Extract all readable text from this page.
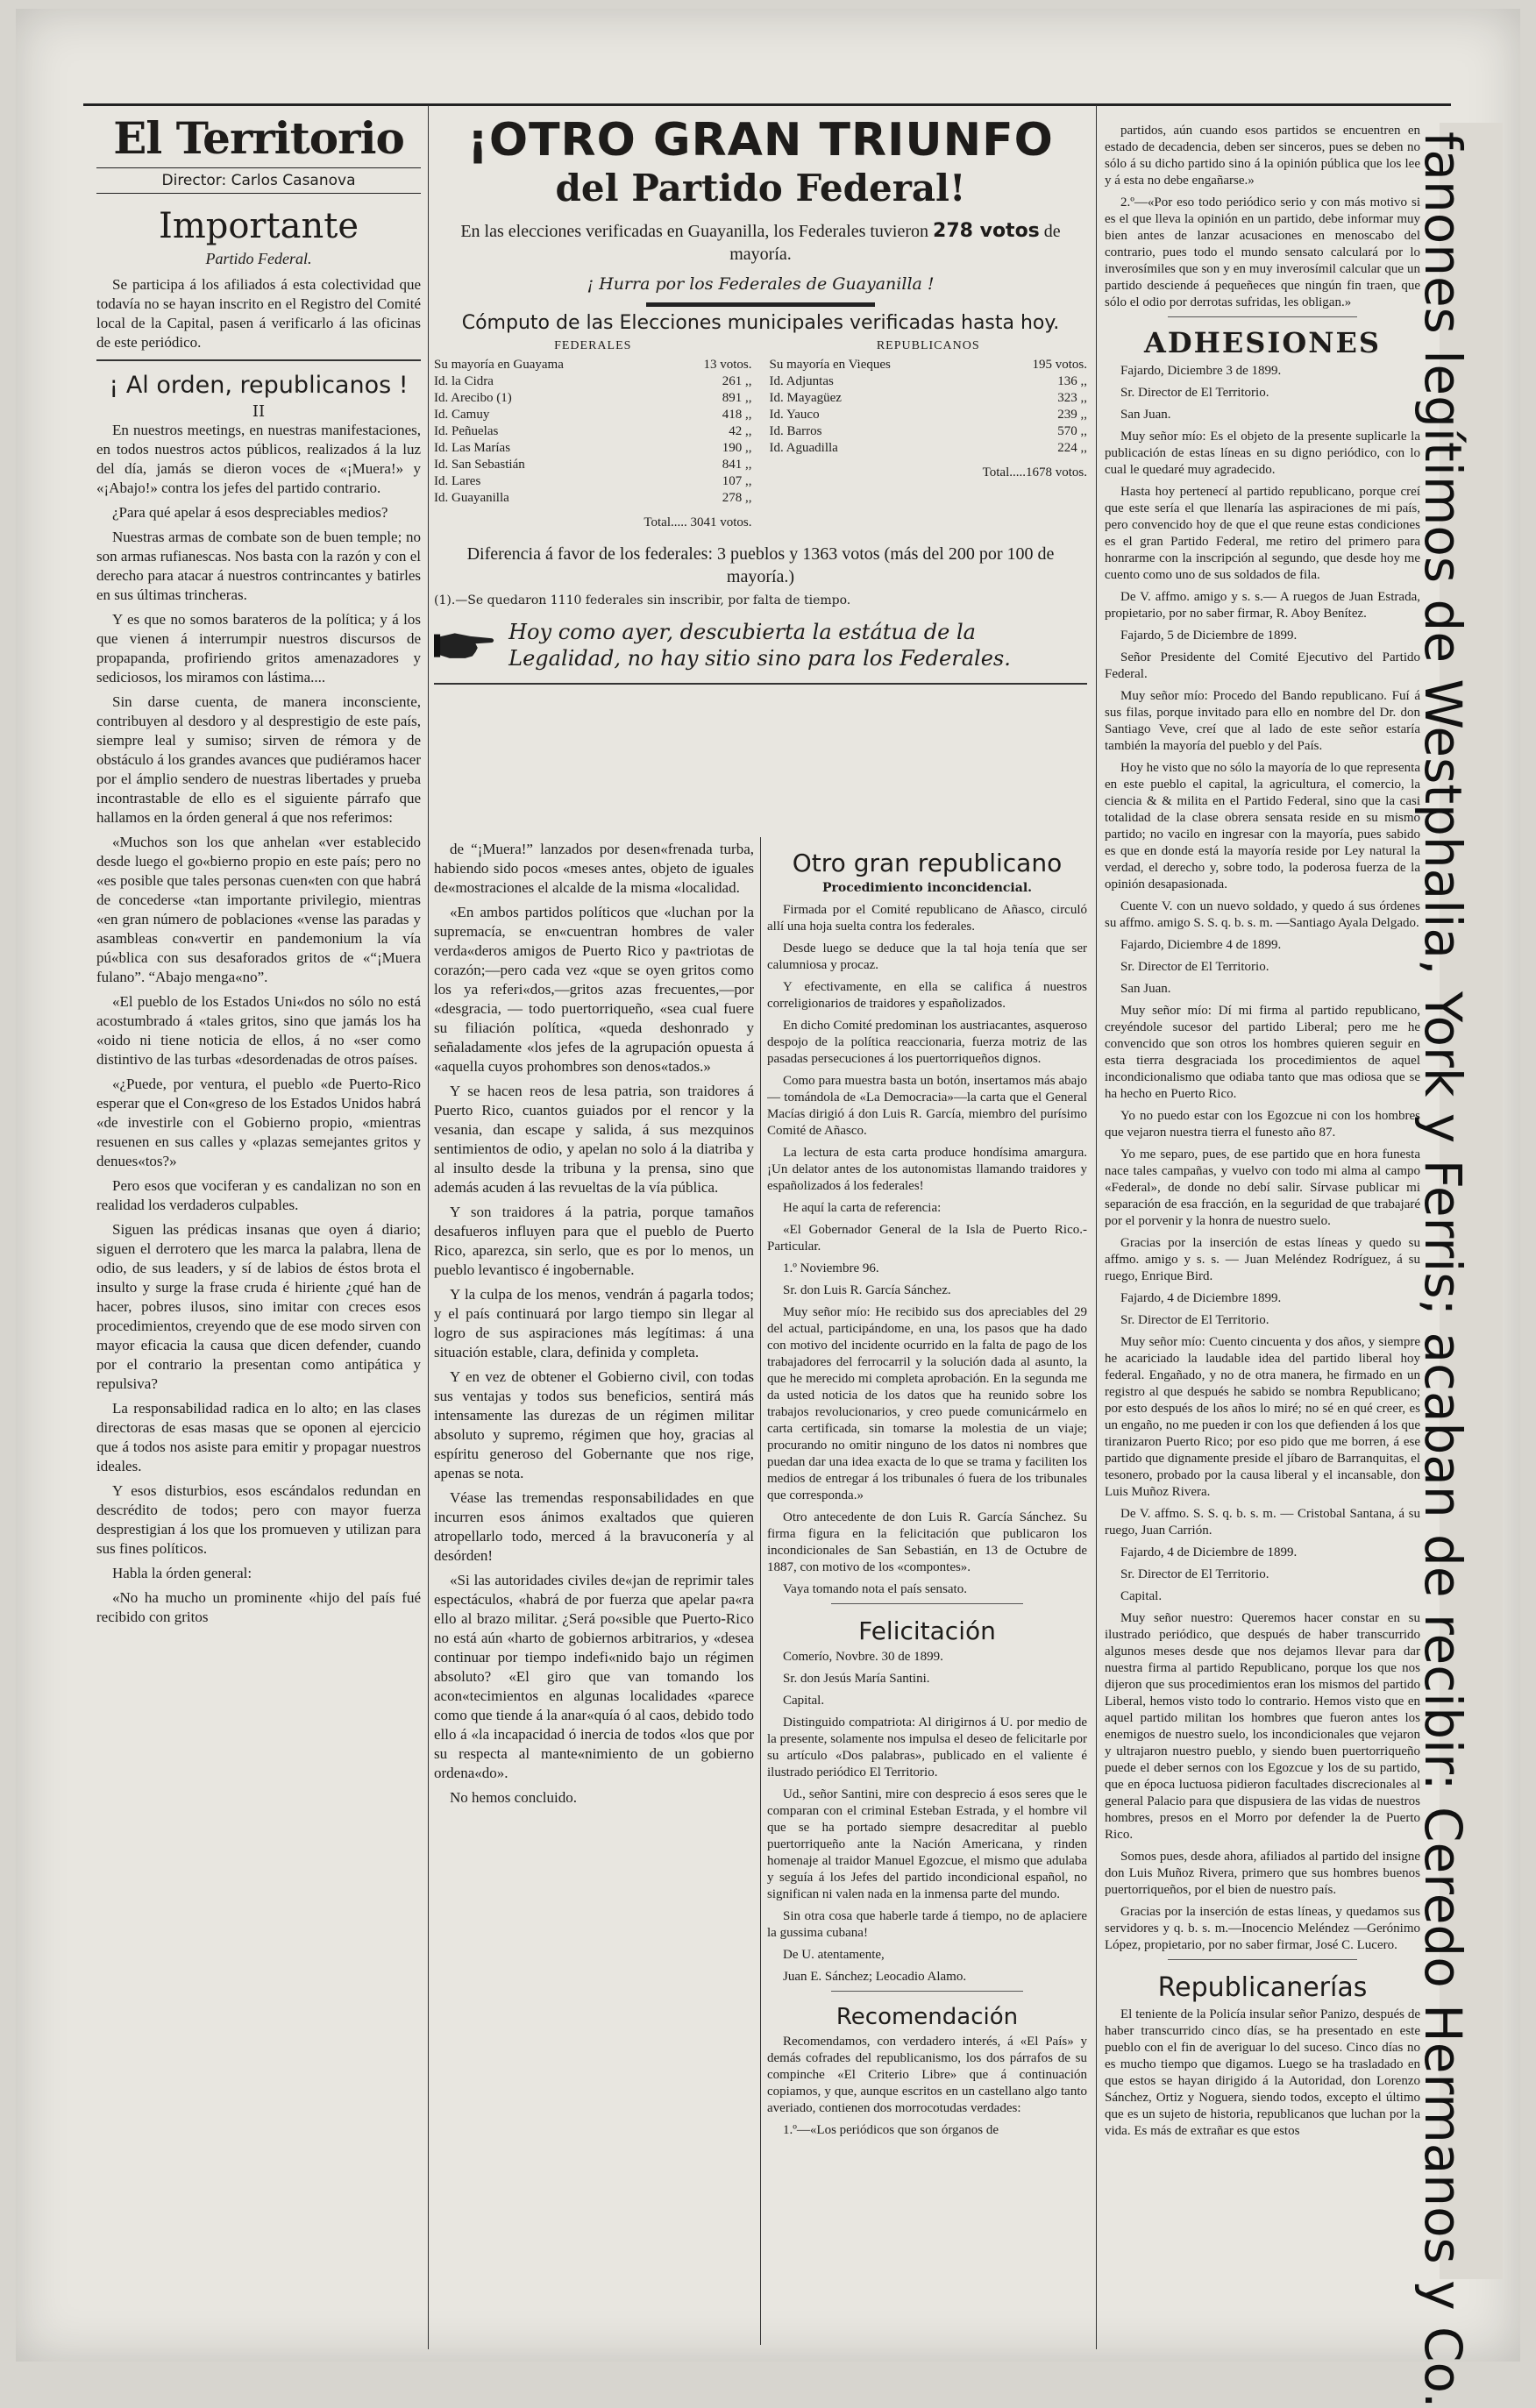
El Territorio
Director: Carlos Casanova
Importante
Partido Federal.

Se participa á los afiliados á esta colectividad que todavía no se hayan inscrito en el Registro del Comité local de la Capital, pasen á verificarlo á las oficinas de este periódico.

¡ Al orden, republicanos !
II

En nuestros meetings, en nuestras manifestaciones, en todos nuestros actos públicos, realizados á la luz del día, jamás se dieron voces de «¡Muera!» y «¡Abajo!» contra los jefes del partido contrario.

¿Para qué apelar á esos despreciables medios?

Nuestras armas de combate son de buen temple; no son armas rufianescas. Nos basta con la razón y con el derecho para atacar á nuestros contrincantes y batirles en sus últimas trincheras.

Y es que no somos barateros de la política; y á los que vienen á interrumpir nuestros discursos de propapanda, profiriendo gritos amenazadores y sediciosos, los miramos con lástima....

Sin darse cuenta, de manera inconsciente, contribuyen al desdoro y al desprestigio de este país, siempre leal y sumiso; sirven de rémora y de obstáculo á los grandes avances que pudiéramos hacer por el ámplio sendero de nuestras libertades y prueba incontrastable de ello es el siguiente párrafo que hallamos en la órden general á que nos referimos:

«Muchos son los que anhelan «ver establecido desde luego el go«bierno propio en este país; pero no «es posible que tales personas cuen«ten con que habrá de concederse «tan importante privilegio, mientras «en gran número de poblaciones «vense las paradas y asambleas con«vertir en pandemonium la vía pú«blica con sus desaforados gritos de «“¡Muera fulano”. “Abajo menga«no”.

«El pueblo de los Estados Uni«dos no sólo no está acostumbrado á «tales gritos, sino que jamás los ha «oido ni tiene noticia de ellos, á no «ser como distintivo de las turbas «desordenadas de otros países.

«¿Puede, por ventura, el pueblo «de Puerto-Rico esperar que el Con«greso de los Estados Unidos habrá «de investirle con el Gobierno propio, «mientras resuenen en sus calles y «plazas semejantes gritos y denues«tos?»

Pero esos que vociferan y es candalizan no son en realidad los verdaderos culpables.

Siguen las prédicas insanas que oyen á diario; siguen el derrotero que les marca la palabra, llena de odio, de sus leaders, y sí de labios de éstos brota el insulto y surge la frase cruda é hiriente ¿qué han de hacer, pobres ilusos, sino imitar con creces esos procedimientos, creyendo que de ese modo sirven con mayor eficacia la causa que dicen defender, cuando por el contrario la presentan como antipática y repulsiva?

La responsabilidad radica en lo alto; en las clases directoras de esas masas que se oponen al ejercicio que á todos nos asiste para emitir y propagar nuestros ideales.

Y esos disturbios, esos escándalos redundan en descrédito de todos; pero con mayor fuerza desprestigian á los que los promueven y utilizan para sus fines políticos.

Habla la órden general:

«No ha mucho un prominente «hijo del país fué recibido con gritos

¡OTRO GRAN TRIUNFO
del Partido Federal!
En las elecciones verificadas en Guayanilla, los Federales tuvieron 278 votos de mayoría.
¡ Hurra por los Federales de Guayanilla !
Cómputo de las Elecciones municipales verificadas hasta hoy.
FEDERALES
Su mayoría en Guayama	13 votos.
Id. la Cidra	261 ,,
Id. Arecibo (1)	891 ,,
Id. Camuy	418 ,,
Id. Peñuelas	42 ,,
Id. Las Marías	190 ,,
Id. San Sebastián	841 ,,
Id. Lares	107 ,,
Id. Guayanilla	278 ,,
Total..... 3041 votos.
REPUBLICANOS
Su mayoría en Vieques	195 votos.
Id. Adjuntas	136 ,,
Id. Mayagüez	323 ,,
Id. Yauco	239 ,,
Id. Barros	570 ,,
Id. Aguadilla	224 ,,
Total.....1678 votos.
Diferencia á favor de los federales: 3 pueblos y 1363 votos (más del 200 por 100 de mayoría.)
(1).—Se quedaron 1110 federales sin inscribir, por falta de tiempo.
Hoy como ayer, descubierta la estátua de la Legalidad, no hay sitio sino para los Federales.

de “¡Muera!” lanzados por desen«frenada turba, habiendo sido pocos «meses antes, objeto de iguales de«mostraciones el alcalde de la misma «localidad.

«En ambos partidos políticos que «luchan por la supremacía, se en«cuentran hombres de valer verda«deros amigos de Puerto Rico y pa«triotas de corazón;—pero cada vez «que se oyen gritos como los ya referi«dos,—gritos azas frecuentes,—por «desgracia, — todo puertorriqueño, «sea cual fuere su filiación política, «queda deshonrado y señaladamente «los jefes de la agrupación opuesta á «aquella cuyos prohombres son denos«tados.»

Y se hacen reos de lesa patria, son traidores á Puerto Rico, cuantos guiados por el rencor y la vesania, dan escape y salida, á sus mezquinos sentimientos de odio, y apelan no solo á la diatriba y al insulto desde la tribuna y la prensa, sino que además acuden á las revueltas de la vía pública.

Y son traidores á la patria, porque tamaños desafueros influyen para que el pueblo de Puerto Rico, aparezca, sin serlo, que es por lo menos, un pueblo levantisco é ingobernable.

Y la culpa de los menos, vendrán á pagarla todos; y el país continuará por largo tiempo sin llegar al logro de sus aspiraciones más legítimas: á una situación estable, clara, definida y completa.

Y en vez de obtener el Gobierno civil, con todas sus ventajas y todos sus beneficios, sentirá más intensamente las durezas de un régimen militar absoluto y supremo, régimen que hoy, gracias al espíritu generoso del Gobernante que nos rige, apenas se nota.

Véase las tremendas responsabilidades en que incurren esos ánimos exaltados que quieren atropellarlo todo, merced á la bravuconería y al desórden!

«Si las autoridades civiles de«jan de reprimir tales espectáculos, «habrá de por fuerza que apelar pa«ra ello al brazo militar. ¿Será po«sible que Puerto-Rico no está aún «harto de gobiernos arbitrarios, y «desea continuar por tiempo indefi«nido bajo un régimen absoluto? «El giro que van tomando los acon«tecimientos en algunas localidades «parece como que tiende á la anar«quía ó al caos, debido todo ello á «la incapacidad ó inercia de todos «los que por su respecta al mante«nimiento de un gobierno ordena«do».

No hemos concluido.

Otro gran republicano
Procedimiento inconcidencial.

Firmada por el Comité republicano de Añasco, circuló allí una hoja suelta contra los federales.

Desde luego se deduce que la tal hoja tenía que ser calumniosa y procaz.

Y efectivamente, en ella se califica á nuestros correligionarios de traidores y españolizados.

En dicho Comité predominan los austriacantes, asqueroso despojo de la política reaccionaria, fuerza motriz de las pasadas persecuciones á los puertorriqueños dignos.

Como para muestra basta un botón, insertamos más abajo — tomándola de «La Democracia»—la carta que el General Macías dirigió á don Luis R. García, miembro del purísimo Comité de Añasco.

La lectura de esta carta produce hondísima amargura. ¡Un delator antes de los autonomistas llamando traidores y españolizados á los federales!

He aquí la carta de referencia:

«El Gobernador General de la Isla de Puerto Rico.- Particular.

1.º Noviembre 96.

Sr. don Luis R. García Sánchez.

Muy señor mío: He recibido sus dos apreciables del 29 del actual, participándome, en una, los pasos que ha dado con motivo del incidente ocurrido en la falta de pago de los trabajadores del ferrocarril y la solución dada al asunto, la que he merecido mi completa aprobación. En la segunda me da usted noticia de los datos que ha reunido sobre los trabajos revolucionarios, y creo puede comunicármelo en carta certificada, sin tomarse la molestia de un viaje; procurando no omitir ninguno de los datos ni nombres que puedan dar una idea exacta de lo que se trama y faciliten los medios de entregar á los tribunales ó fuera de los tribunales que corresponda.»

Otro antecedente de don Luis R. García Sánchez. Su firma figura en la felicitación que publicaron los incondicionales de San Sebastián, en 13 de Octubre de 1887, con motivo de los «compontes».

Vaya tomando nota el país sensato.

Felicitación

Comerío, Novbre. 30 de 1899.

Sr. don Jesús María Santini.

Capital.

Distinguido compatriota: Al dirigirnos á U. por medio de la presente, solamente nos impulsa el deseo de felicitarle por su artículo «Dos palabras», publicado en el valiente é ilustrado periódico El Territorio.

Ud., señor Santini, mire con desprecio á esos seres que le comparan con el criminal Esteban Estrada, y el hombre vil que se ha portado siempre desacreditar al pueblo puertorriqueño ante la Nación Americana, y rinden homenaje al traidor Manuel Egozcue, el mismo que adulaba y seguía á los Jefes del partido incondicional español, no significan ni valen nada en la inmensa parte del mundo.

Sin otra cosa que haberle tarde á tiempo, no de aplaciere la gussima cubana!

De U. atentamente,

Juan E. Sánchez; Leocadio Alamo.

Recomendación

Recomendamos, con verdadero interés, á «El País» y demás cofrades del republicanismo, los dos párrafos de su compinche «El Criterio Libre» que á continuación copiamos, y que, aunque escritos en un castellano algo tanto averiado, contienen dos morrocotudas verdades:

1.º—«Los periódicos que son órganos de

partidos, aún cuando esos partidos se encuentren en estado de decadencia, deben ser sinceros, pues se deben no sólo á su dicho partido sino á la opinión pública que los lee y á esta no debe engañarse.»

2.º—«Por eso todo periódico serio y con más motivo si es el que lleva la opinión en un partido, debe informar muy bien antes de lanzar acusaciones en menoscabo del contrario, pues todo el mundo sensato calculará por lo inverosímiles que son y en muy inverosímil calcular que un partido desciende á pequeñeces que ningún fin traen, que sólo el odio por derrotas sufridas, les obligan.»

ADHESIONES

Fajardo, Diciembre 3 de 1899.

Sr. Director de El Territorio.

San Juan.

Muy señor mío: Es el objeto de la presente suplicarle la publicación de estas líneas en su digno periódico, con lo cual le quedaré muy agradecido.

Hasta hoy pertenecí al partido republicano, porque creí que este sería el que llenaría las aspiraciones de mi país, pero convencido hoy de que el que reune estas condiciones es el gran Partido Federal, me retiro del primero para honrarme con la inscripción al segundo, que desde hoy me cuento como uno de sus soldados de fila.

De V. affmo. amigo y s. s.— A ruegos de Juan Estrada, propietario, por no saber firmar, R. Aboy Benítez.

Fajardo, 5 de Diciembre de 1899.

Señor Presidente del Comité Ejecutivo del Partido Federal.

Muy señor mío: Procedo del Bando republicano. Fuí á sus filas, porque invitado para ello en nombre del Dr. don Santiago Veve, creí que al lado de este señor estaría también la mayoría del pueblo y del País.

Hoy he visto que no sólo la mayoría de lo que representa en este pueblo el capital, la agricultura, el comercio, la ciencia & & milita en el Partido Federal, sino que la casi totalidad de la clase obrera sensata reside en su mismo partido; no vacilo en ingresar con la mayoría, pues sabido es que en donde está la mayoría reside por Ley natural la verdad, el derecho y, sobre todo, la poderosa fuerza de la opinión desapasionada.

Cuente V. con un nuevo soldado, y quedo á sus órdenes su affmo. amigo S. S. q. b. s. m. —Santiago Ayala Delgado.

Fajardo, Diciembre 4 de 1899.

Sr. Director de El Territorio.

San Juan.

Muy señor mío: Dí mi firma al partido republicano, creyéndole sucesor del partido Liberal; pero me he convencido que son otros los hombres quieren seguir en esta tierra desgraciada los procedimientos de aquel incondicionalismo que odiaba tanto que mas odiosa que se ha hecho en Puerto Rico.

Yo no puedo estar con los Egozcue ni con los hombres que vejaron nuestra tierra el funesto año 87.

Yo me separo, pues, de ese partido que en hora funesta nace tales campañas, y vuelvo con todo mi alma al campo «Federal», de donde no debí salir. Sírvase publicar mi separación de esa fracción, en la seguridad de que trabajaré por el porvenir y la honra de nuestro suelo.

Gracias por la inserción de estas líneas y quedo su affmo. amigo y s. s. — Juan Meléndez Rodríguez, á su ruego, Enrique Bird.

Fajardo, 4 de Diciembre 1899.

Sr. Director de El Territorio.

Muy señor mío: Cuento cincuenta y dos años, y siempre he acariciado la laudable idea del partido liberal hoy federal. Engañado, y no de otra manera, he firmado en un registro al que después he sabido se nombra Republicano; por esto después de los años lo miré; no sé en qué creer, es un engaño, no me pueden ir con los que defienden á los que tiranizaron Puerto Rico; por eso pido que me borren, á ese partido que dignamente preside el jíbaro de Barranquitas, el tesonero, probado por la causa liberal y el incansable, don Luis Muñoz Rivera.

De V. affmo. S. S. q. b. s. m. — Cristobal Santana, á su ruego, Juan Carrión.

Fajardo, 4 de Diciembre de 1899.

Sr. Director de El Territorio.

Capital.

Muy señor nuestro: Queremos hacer constar en su ilustrado periódico, que después de haber transcurrido algunos meses desde que nos dejamos llevar para dar nuestra firma al partido Republicano, porque los que nos dijeron que sus procedimientos eran los mismos del partido Liberal, hemos visto todo lo contrario. Hemos visto que en aquel partido militan los hombres que fueron antes los enemigos de nuestro suelo, los incondicionales que vejaron y ultrajaron nuestro pueblo, y siendo buen puertorriqueño puede el deber sernos con los Egozcue y los de su partido, que en época luctuosa pidieron facultades discrecionales al general Palacio para que dispusiera de las vidas de nuestros hombres, presos en el Morro por defender la de Puerto Rico.

Somos pues, desde ahora, afiliados al partido del insigne don Luis Muñoz Rivera, primero que sus hombres buenos puertorriqueños, por el bien de nuestro país.

Gracias por la inserción de estas líneas, y quedamos sus servidores y q. b. s. m.—Inocencio Meléndez —Gerónimo López, propietario, por no saber firmar, José C. Lucero.

Republicanerías

El teniente de la Policía insular señor Panizo, después de haber transcurrido cinco días, se ha presentado en este pueblo con el fin de averiguar lo del suceso. Cinco días no es mucho tiempo que digamos. Luego se ha trasladado en que estos se hayan dirigido á la Autoridad, don Lorenzo Sánchez, Ortiz y Noguera, siendo todos, excepto el último que es un sujeto de historia, republicanos que luchan por la vida. Es más de extrañar es que estos	fanones legítimos de Westphalia, York y Ferris; acaban de recibir: Ceredo Hermanos y Co.
